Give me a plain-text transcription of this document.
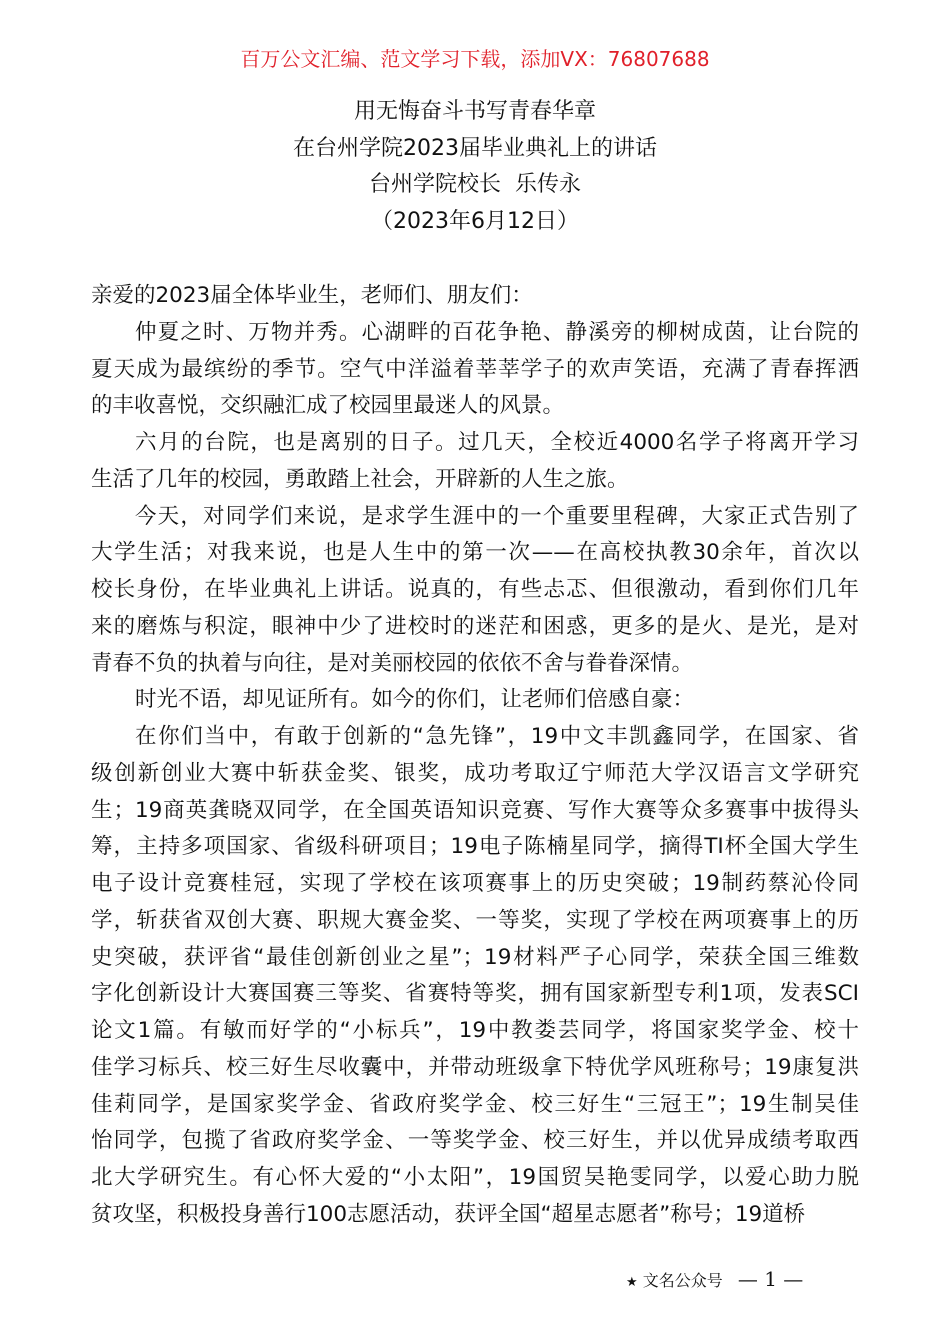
百万公文汇编、范文学习下载，添加VX：76807688
用无悔奋斗书写青春华章
在台州学院2023届毕业典礼上的讲话
台州学院校长  乐传永
（2023年6月12日）
亲爱的2023届全体毕业生，老师们、朋友们：
仲夏之时、万物并秀。心湖畔的百花争艳、静溪旁的柳树成茵，让台院的
夏天成为最缤纷的季节。空气中洋溢着莘莘学子的欢声笑语，充满了青春挥洒
的丰收喜悦，交织融汇成了校园里最迷人的风景。
六月的台院，也是离别的日子。过几天，全校近4000名学子将离开学习
生活了几年的校园，勇敢踏上社会，开辟新的人生之旅。
今天，对同学们来说，是求学生涯中的一个重要里程碑，大家正式告别了
大学生活；对我来说，也是人生中的第一次——在高校执教30余年，首次以
校长身份，在毕业典礼上讲话。说真的，有些忐忑、但很激动，看到你们几年
来的磨炼与积淀，眼神中少了进校时的迷茫和困惑，更多的是火、是光，是对
青春不负的执着与向往，是对美丽校园的依依不舍与眷眷深情。
时光不语，却见证所有。如今的你们，让老师们倍感自豪：
在你们当中，有敢于创新的“急先锋”，19中文丰凯鑫同学，在国家、省
级创新创业大赛中斩获金奖、银奖，成功考取辽宁师范大学汉语言文学研究
生；19商英龚晓双同学，在全国英语知识竞赛、写作大赛等众多赛事中拔得头
筹，主持多项国家、省级科研项目；19电子陈楠星同学，摘得TI杯全国大学生
电子设计竞赛桂冠，实现了学校在该项赛事上的历史突破；19制药蔡沁伶同
学，斩获省双创大赛、职规大赛金奖、一等奖，实现了学校在两项赛事上的历
史突破，获评省“最佳创新创业之星”；19材料严子心同学，荣获全国三维数
字化创新设计大赛国赛三等奖、省赛特等奖，拥有国家新型专利1项，发表SCI
论文1篇。有敏而好学的“小标兵”，19中教娄芸同学，将国家奖学金、校十
佳学习标兵、校三好生尽收囊中，并带动班级拿下特优学风班称号；19康复洪
佳莉同学，是国家奖学金、省政府奖学金、校三好生“三冠王”；19生制吴佳
怡同学，包揽了省政府奖学金、一等奖学金、校三好生，并以优异成绩考取西
北大学研究生。有心怀大爱的“小太阳”，19国贸吴艳雯同学，以爱心助力脱
贫攻坚，积极投身善行100志愿活动，获评全国“超星志愿者”称号；19道桥
★ 文名公众号 — 1 —
